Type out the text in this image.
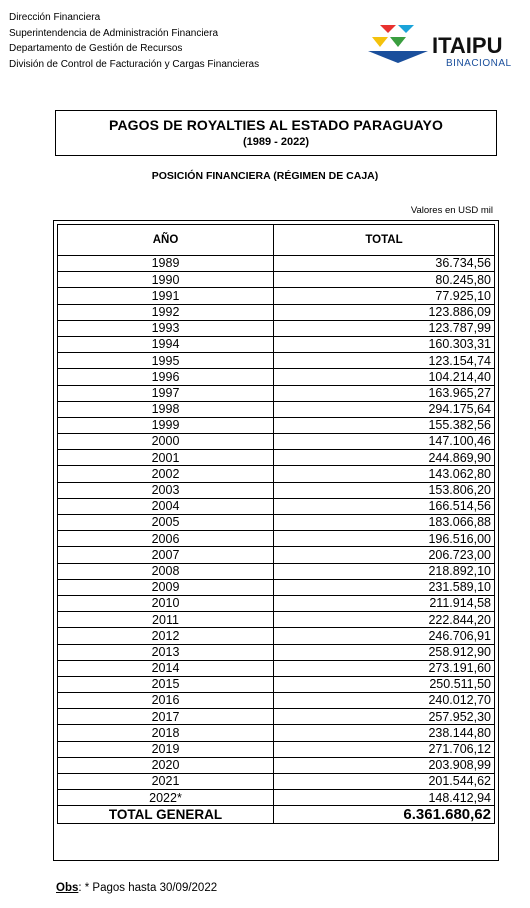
Dirección Financiera
Superintendencia de Administración Financiera
Departamento de Gestión de Recursos
División de Control de Facturación y Cargas Financieras
ITAIPU
BINACIONAL
PAGOS DE ROYALTIES AL ESTADO PARAGUAYO
(1989 - 2022)
POSICIÓN FINANCIERA (RÉGIMEN DE CAJA)
Valores en USD mil
AÑO	TOTAL
1989	36.734,56
1990	80.245,80
1991	77.925,10
1992	123.886,09
1993	123.787,99
1994	160.303,31
1995	123.154,74
1996	104.214,40
1997	163.965,27
1998	294.175,64
1999	155.382,56
2000	147.100,46
2001	244.869,90
2002	143.062,80
2003	153.806,20
2004	166.514,56
2005	183.066,88
2006	196.516,00
2007	206.723,00
2008	218.892,10
2009	231.589,10
2010	211.914,58
2011	222.844,20
2012	246.706,91
2013	258.912,90
2014	273.191,60
2015	250.511,50
2016	240.012,70
2017	257.952,30
2018	238.144,80
2019	271.706,12
2020	203.908,99
2021	201.544,62
2022*	148.412,94
TOTAL GENERAL	6.361.680,62
Obs: * Pagos hasta 30/09/2022
